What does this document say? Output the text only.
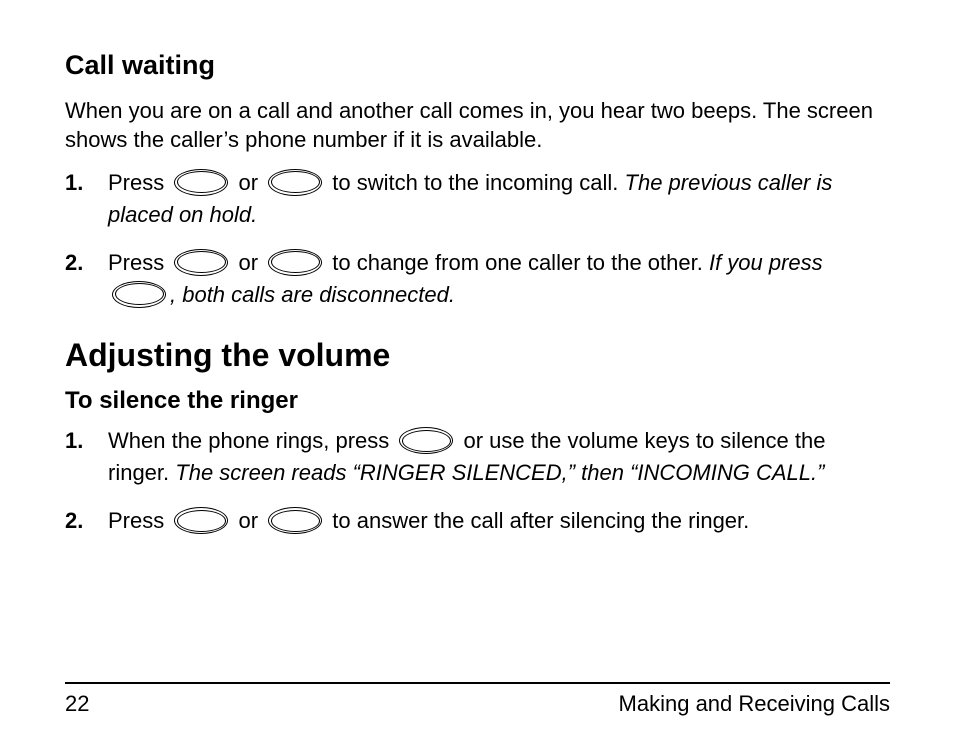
Call waiting

When you are on a call and another call comes in, you hear two beeps. The screen shows the caller’s phone number if it is available.

1.	Press	or	to switch to the incoming call. The previous caller is placed on hold.
2.	Press	or	to change from one caller to the other. If you press , both calls are disconnected.
Adjusting the volume
To silence the ringer
1.	When the phone rings, press	or use the volume keys to silence the ringer. The screen reads “RINGER SILENCED,” then “INCOMING CALL.”
2.	Press	or	to answer the call after silencing the ringer.
22	Making and Receiving Calls
